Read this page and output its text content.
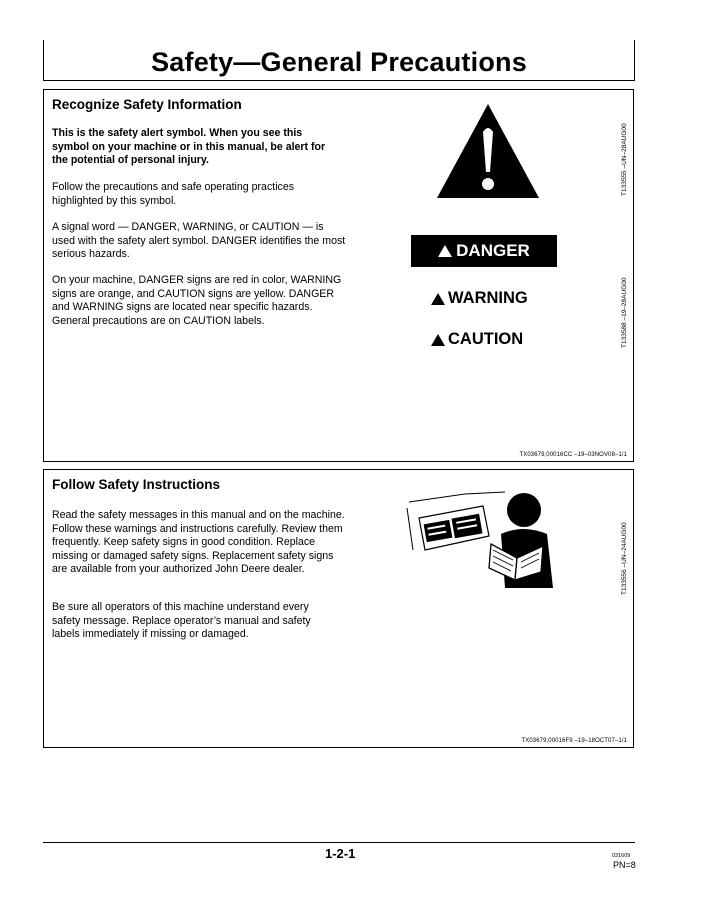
Safety—General Precautions
Recognize Safety Information

This is the safety alert symbol. When you see this symbol on your machine or in this manual, be alert for the potential of personal injury.

Follow the precautions and safe operating practices highlighted by this symbol.

A signal word — DANGER, WARNING, or CAUTION — is used with the safety alert symbol. DANGER identifies the most serious hazards.

On your machine, DANGER signs are red in color, WARNING signs are orange, and CAUTION signs are yellow. DANGER and WARNING signs are located near specific hazards. General precautions are on CAUTION labels.

T133555 –UN–28AUG00
T133588 –19–28AUG00
DANGER
WARNING
CAUTION
TX03679,00016CC –19–03NOV08–1/1
Follow Safety Instructions

Read the safety messages in this manual and on the machine. Follow these warnings and instructions carefully. Review them frequently. Keep safety signs in good condition. Replace missing or damaged safety signs. Replacement safety signs are available from your authorized John Deere dealer.

Be sure all operators of this machine understand every safety message. Replace operator’s manual and safety labels immediately if missing or damaged.

T133556 –UN–24AUG00
TX03679,00016F9 –19–18OCT07–1/1
1-2-1	031609
PN=8
